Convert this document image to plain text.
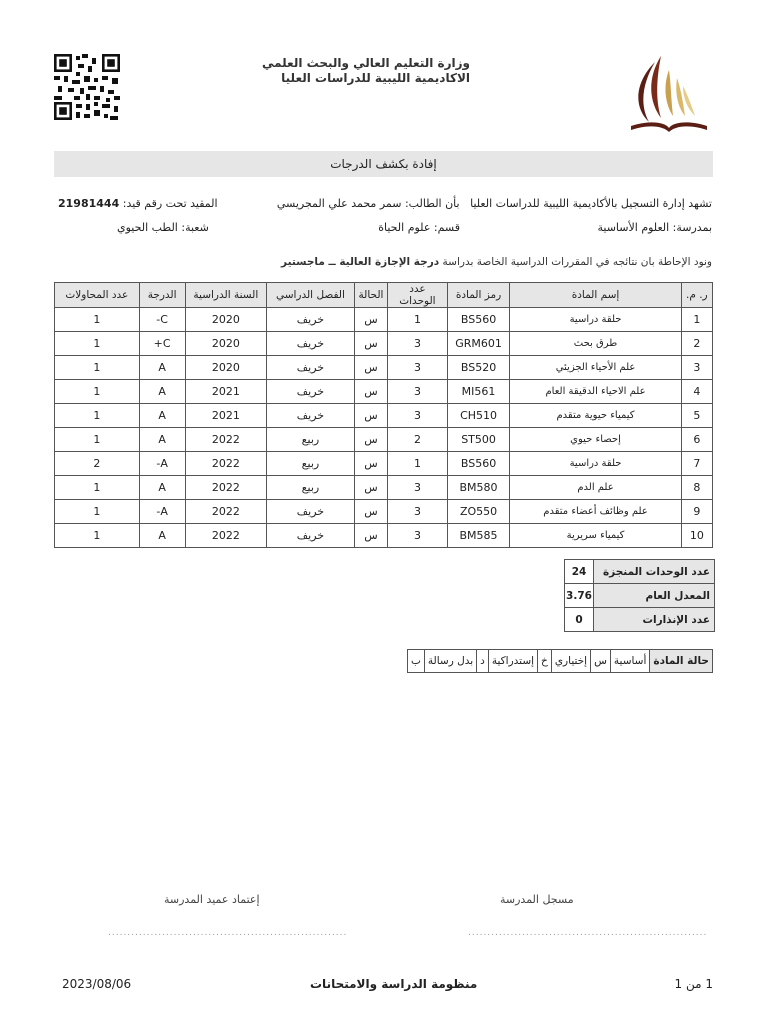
وزارة التعليم العالي والبحث العلمي
الاكاديمية الليبية للدراسات العليا
إفادة بكشف الدرجات
تشهد إدارة التسجيل بالأكاديمية الليبية للدراسات العليا   بأن الطالب: سمر محمد علي المجريسي
المقيد تحت رقم قيد: 21981444
بمدرسة: العلوم الأساسية
قسم: علوم الحياة
شعبة: الطب الحيوي
ونود الإحاطة بان نتائجه في المقررات الدراسية الخاصة بدراسة درجة الإجازة العالية ــ ماجستير
ر. م.	إسم المادة	رمز المادة	عدد الوحدات	الحالة	الفصل الدراسي	السنة الدراسية	الدرجة	عدد المحاولات
1	حلقة دراسية	BS560	1	س	خريف	2020	C-	1
2	طرق بحث	GRM601	3	س	خريف	2020	C+	1
3	علم الأحياء الجزيئي	BS520	3	س	خريف	2020	A	1
4	علم الاحياء الدقيقة العام	MI561	3	س	خريف	2021	A	1
5	كيمياء حيوية متقدم	CH510	3	س	خريف	2021	A	1
6	إحصاء حيوي	ST500	2	س	ربيع	2022	A	1
7	حلقة دراسية	BS560	1	س	ربيع	2022	A-	2
8	علم الدم	BM580	3	س	ربيع	2022	A	1
9	علم وظائف أعضاء متقدم	ZO550	3	س	خريف	2022	A-	1
10	كيمياء سريرية	BM585	3	س	خريف	2022	A	1
عدد الوحدات المنجزة	24
المعدل العام	3.76
عدد الإنذارات	0
حالة المادة	أساسية	س	إختياري	خ	إستدراكية	د	بدل رسالة	ب
مسجل المدرسة
..............................................................
إعتماد عميد المدرسة
..............................................................
1 من 1
منظومة الدراسة والامتحانات
2023/08/06
